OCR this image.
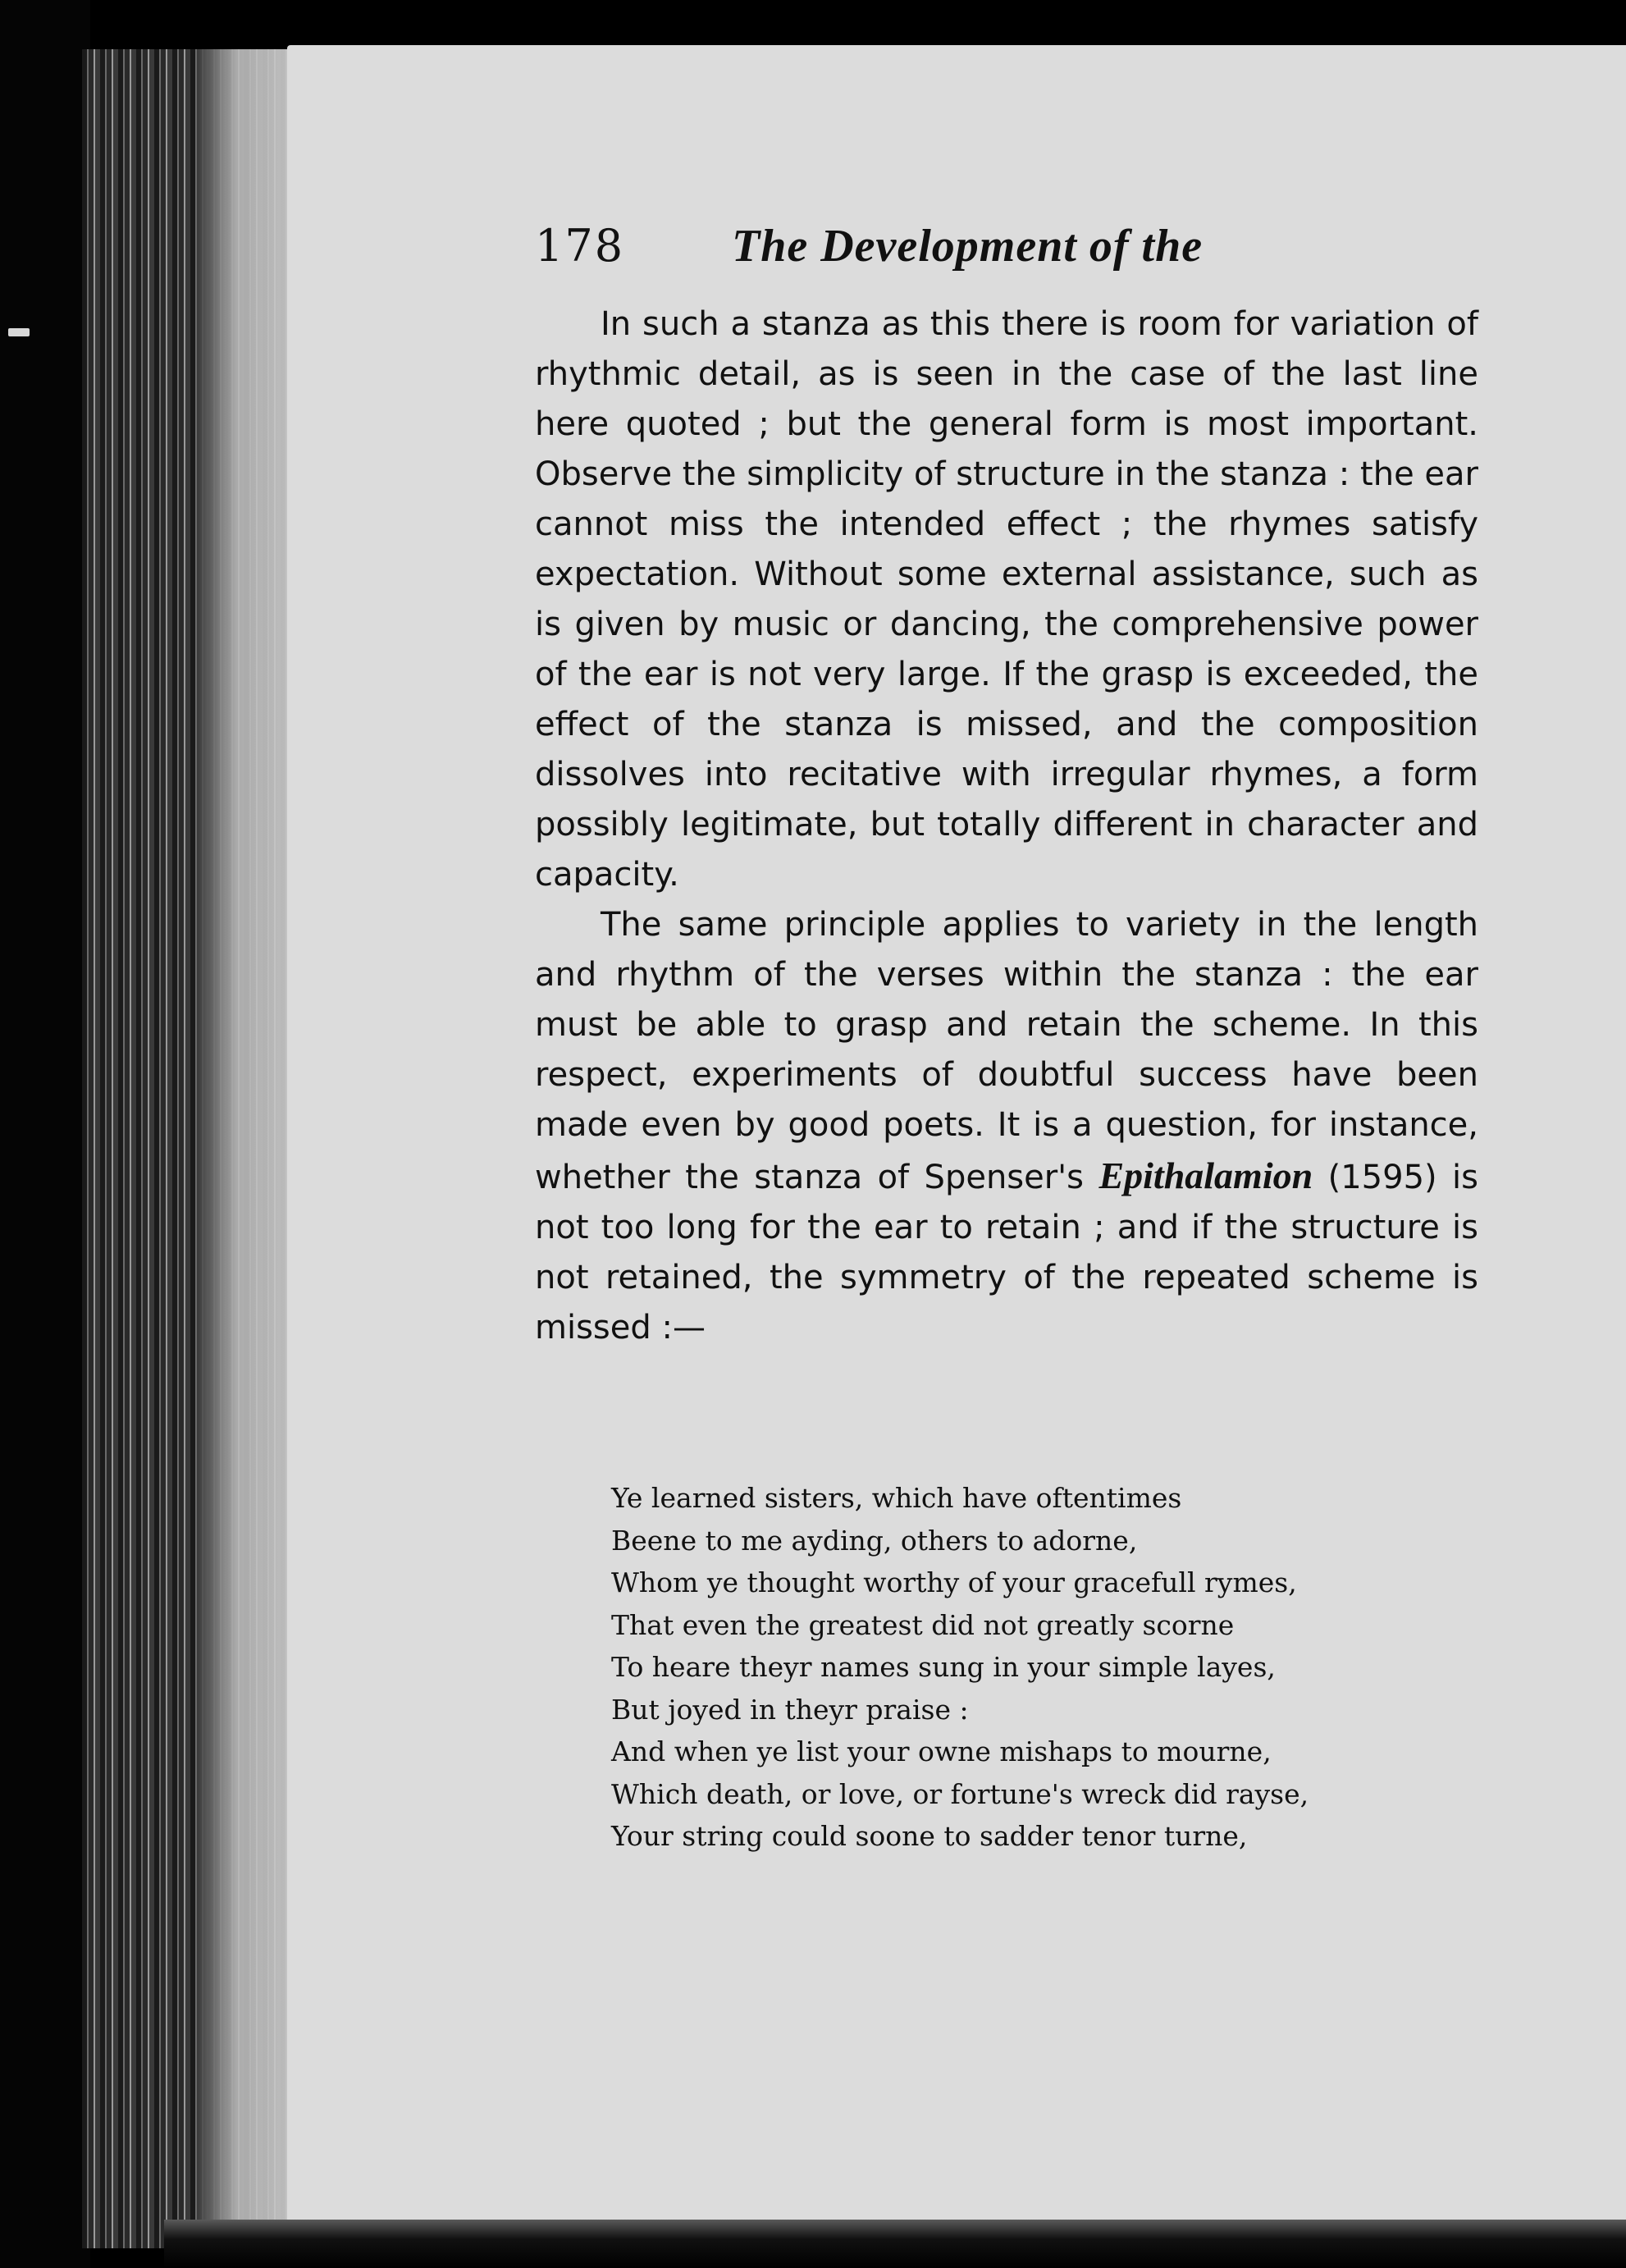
178 The Development of the

In such a stanza as this there is room for variation of rhythmic detail, as is seen in the case of the last line here quoted ; but the general form is most important. Observe the simplicity of structure in the stanza : the ear cannot miss the intended effect ; the rhymes satisfy expectation. Without some external assistance, such as is given by music or dancing, the comprehensive power of the ear is not very large. If the grasp is exceeded, the effect of the stanza is missed, and the composition dissolves into recitative with irregular rhymes, a form possibly legitimate, but totally different in character and capacity.

The same principle applies to variety in the length and rhythm of the verses within the stanza : the ear must be able to grasp and retain the scheme. In this respect, experiments of doubtful success have been made even by good poets. It is a question, for instance, whether the stanza of Spenser's Epithalamion (1595) is not too long for the ear to retain ; and if the structure is not retained, the symmetry of the repeated scheme is missed :—

Ye learned sisters, which have oftentimes
Beene to me ayding, others to adorne,
Whom ye thought worthy of your gracefull rymes,
That even the greatest did not greatly scorne
To heare theyr names sung in your simple layes,
But joyed in theyr praise :
And when ye list your owne mishaps to mourne,
Which death, or love, or fortune's wreck did rayse,
Your string could soone to sadder tenor turne,
